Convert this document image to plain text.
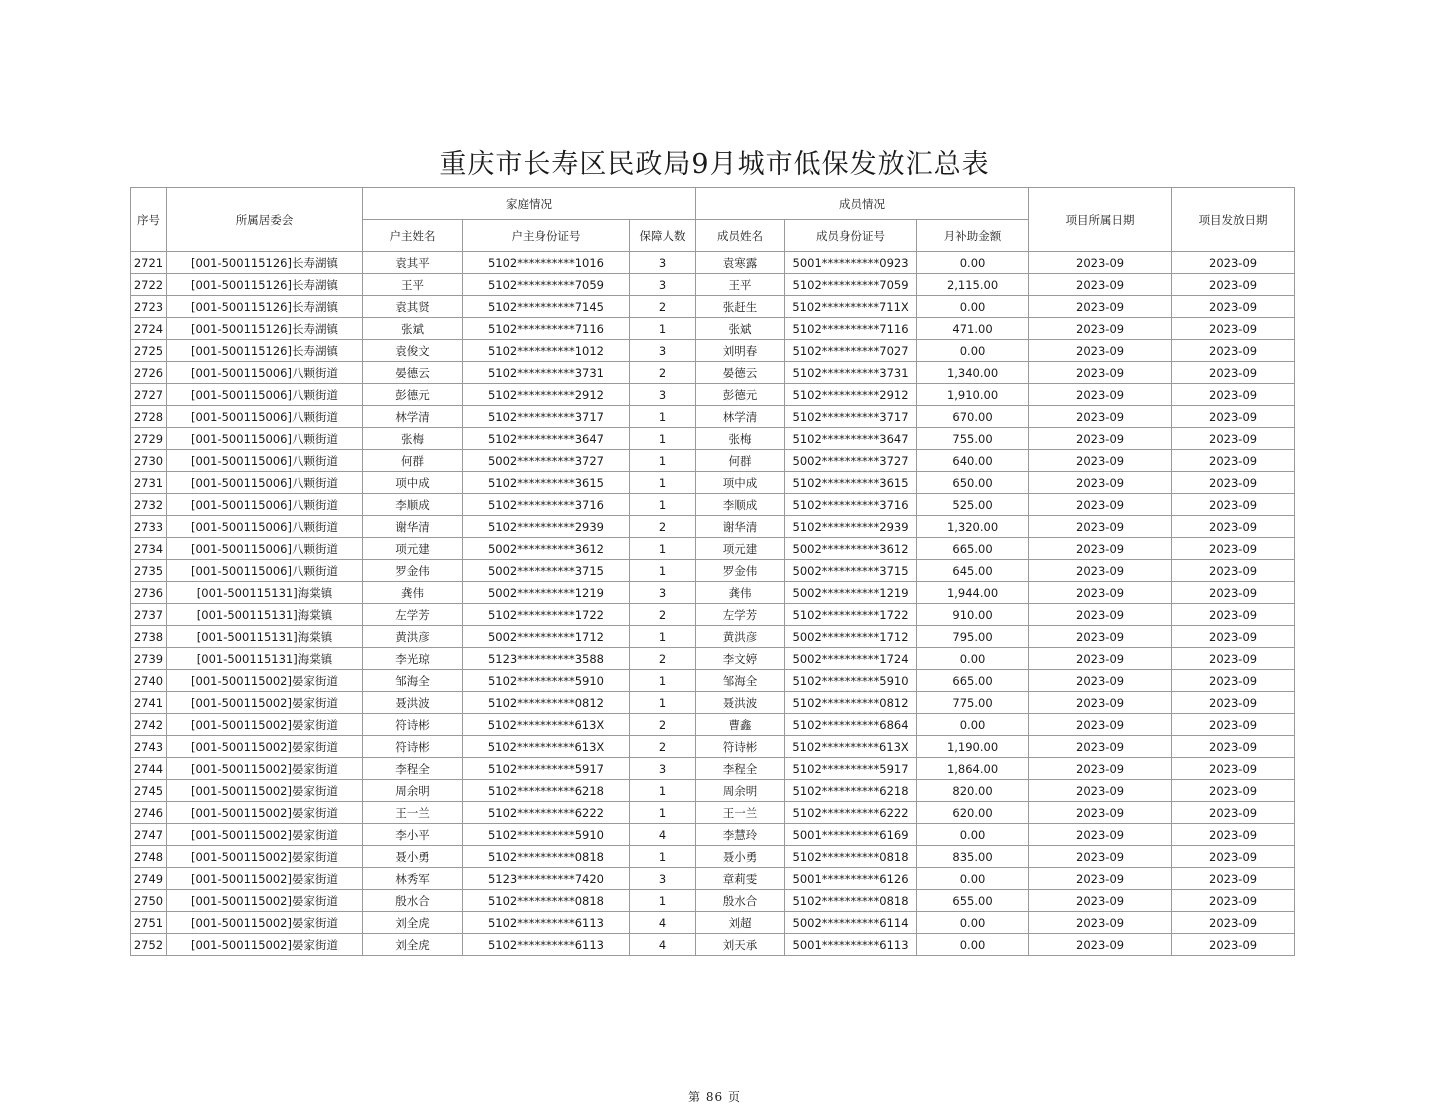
重庆市长寿区民政局9月城市低保发放汇总表
序号	所属居委会	家庭情况			成员情况			项目所属日期	项目发放日期
		户主姓名	户主身份证号	保障人数	成员姓名	成员身份证号	月补助金额		
2721	[001-500115126]长寿湖镇	袁其平	5102**********1016	3	袁寒露	5001**********0923	0.00	2023-09	2023-09
2722	[001-500115126]长寿湖镇	王平	5102**********7059	3	王平	5102**********7059	2,115.00	2023-09	2023-09
2723	[001-500115126]长寿湖镇	袁其贤	5102**********7145	2	张赶生	5102**********711X	0.00	2023-09	2023-09
2724	[001-500115126]长寿湖镇	张斌	5102**********7116	1	张斌	5102**********7116	471.00	2023-09	2023-09
2725	[001-500115126]长寿湖镇	袁俊文	5102**********1012	3	刘明春	5102**********7027	0.00	2023-09	2023-09
2726	[001-500115006]八颗街道	晏德云	5102**********3731	2	晏德云	5102**********3731	1,340.00	2023-09	2023-09
2727	[001-500115006]八颗街道	彭德元	5102**********2912	3	彭德元	5102**********2912	1,910.00	2023-09	2023-09
2728	[001-500115006]八颗街道	林学清	5102**********3717	1	林学清	5102**********3717	670.00	2023-09	2023-09
2729	[001-500115006]八颗街道	张梅	5102**********3647	1	张梅	5102**********3647	755.00	2023-09	2023-09
2730	[001-500115006]八颗街道	何群	5002**********3727	1	何群	5002**********3727	640.00	2023-09	2023-09
2731	[001-500115006]八颗街道	项中成	5102**********3615	1	项中成	5102**********3615	650.00	2023-09	2023-09
2732	[001-500115006]八颗街道	李顺成	5102**********3716	1	李顺成	5102**********3716	525.00	2023-09	2023-09
2733	[001-500115006]八颗街道	谢华清	5102**********2939	2	谢华清	5102**********2939	1,320.00	2023-09	2023-09
2734	[001-500115006]八颗街道	项元建	5002**********3612	1	项元建	5002**********3612	665.00	2023-09	2023-09
2735	[001-500115006]八颗街道	罗金伟	5002**********3715	1	罗金伟	5002**********3715	645.00	2023-09	2023-09
2736	[001-500115131]海棠镇	龚伟	5002**********1219	3	龚伟	5002**********1219	1,944.00	2023-09	2023-09
2737	[001-500115131]海棠镇	左学芳	5102**********1722	2	左学芳	5102**********1722	910.00	2023-09	2023-09
2738	[001-500115131]海棠镇	黄洪彦	5002**********1712	1	黄洪彦	5002**********1712	795.00	2023-09	2023-09
2739	[001-500115131]海棠镇	李光琼	5123**********3588	2	李文婷	5002**********1724	0.00	2023-09	2023-09
2740	[001-500115002]晏家街道	邹海全	5102**********5910	1	邹海全	5102**********5910	665.00	2023-09	2023-09
2741	[001-500115002]晏家街道	聂洪波	5102**********0812	1	聂洪波	5102**********0812	775.00	2023-09	2023-09
2742	[001-500115002]晏家街道	符诗彬	5102**********613X	2	曹鑫	5102**********6864	0.00	2023-09	2023-09
2743	[001-500115002]晏家街道	符诗彬	5102**********613X	2	符诗彬	5102**********613X	1,190.00	2023-09	2023-09
2744	[001-500115002]晏家街道	李程全	5102**********5917	3	李程全	5102**********5917	1,864.00	2023-09	2023-09
2745	[001-500115002]晏家街道	周余明	5102**********6218	1	周余明	5102**********6218	820.00	2023-09	2023-09
2746	[001-500115002]晏家街道	王一兰	5102**********6222	1	王一兰	5102**********6222	620.00	2023-09	2023-09
2747	[001-500115002]晏家街道	李小平	5102**********5910	4	李慧玲	5001**********6169	0.00	2023-09	2023-09
2748	[001-500115002]晏家街道	聂小勇	5102**********0818	1	聂小勇	5102**********0818	835.00	2023-09	2023-09
2749	[001-500115002]晏家街道	林秀军	5123**********7420	3	章莉雯	5001**********6126	0.00	2023-09	2023-09
2750	[001-500115002]晏家街道	殷水合	5102**********0818	1	殷水合	5102**********0818	655.00	2023-09	2023-09
2751	[001-500115002]晏家街道	刘全虎	5102**********6113	4	刘超	5002**********6114	0.00	2023-09	2023-09
2752	[001-500115002]晏家街道	刘全虎	5102**********6113	4	刘天承	5001**********6113	0.00	2023-09	2023-09
第 86 页
